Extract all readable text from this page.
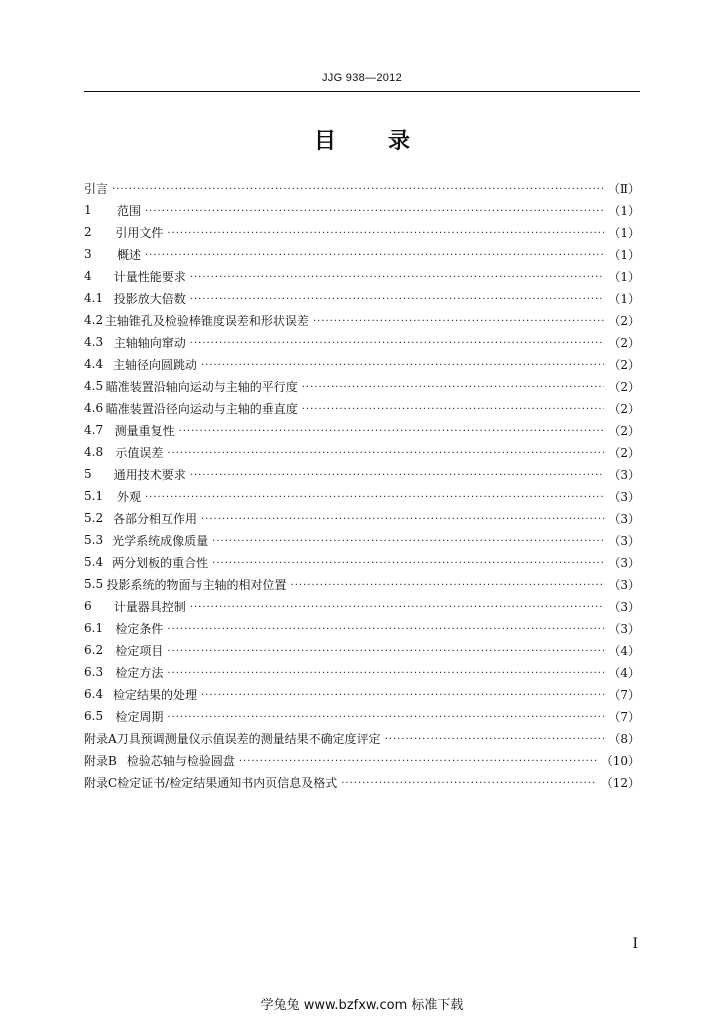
JJG 938—2012
目 录
引言 ·····	（Ⅱ）
1	范围 ·····	（1）
2	引用文件 ·····	（1）
3	概述 ·····	（1）
4	计量性能要求 ·····	（1）
4.1 投影放大倍数 ·····	（1）
4.2 主轴锥孔及检验棒锥度误差和形状误差 ·····	（2）
4.3 主轴轴向窜动 ·····	（2）
4.4 主轴径向圆跳动 ·····	（2）
4.5 瞄准装置沿轴向运动与主轴的平行度 ·····	（2）
4.6 瞄准装置沿径向运动与主轴的垂直度 ·····	（2）
4.7 测量重复性 ·····	（2）
4.8	示值误差 ·····	（2）
5	通用技术要求 ·····	（3）
5.1	外观 ·····	（3）
5.2 各部分相互作用 ·····	（3）
5.3 光学系统成像质量 ·····	（3）
5.4 两分划板的重合性 ·····	（3）
5.5 投影系统的物面与主轴的相对位置 ·····	（3）
6	计量器具控制 ·····	（3）
6.1	检定条件 ·····	（3）
6.2	检定项目 ·····	（4）
6.3	检定方法 ·····	（4）
6.4 检定结果的处理 ·····	（7）
6.5	检定周期 ·····	（7）
附录A 刀具预调测量仪示值误差的测量结果不确定度评定 ·····	（8）
附录B 检验芯轴与检验圆盘 ·····	（10）
附录C 检定证书/检定结果通知书内页信息及格式 ·····	（12）
I
学兔兔 www.bzfxw.com 标准下载
